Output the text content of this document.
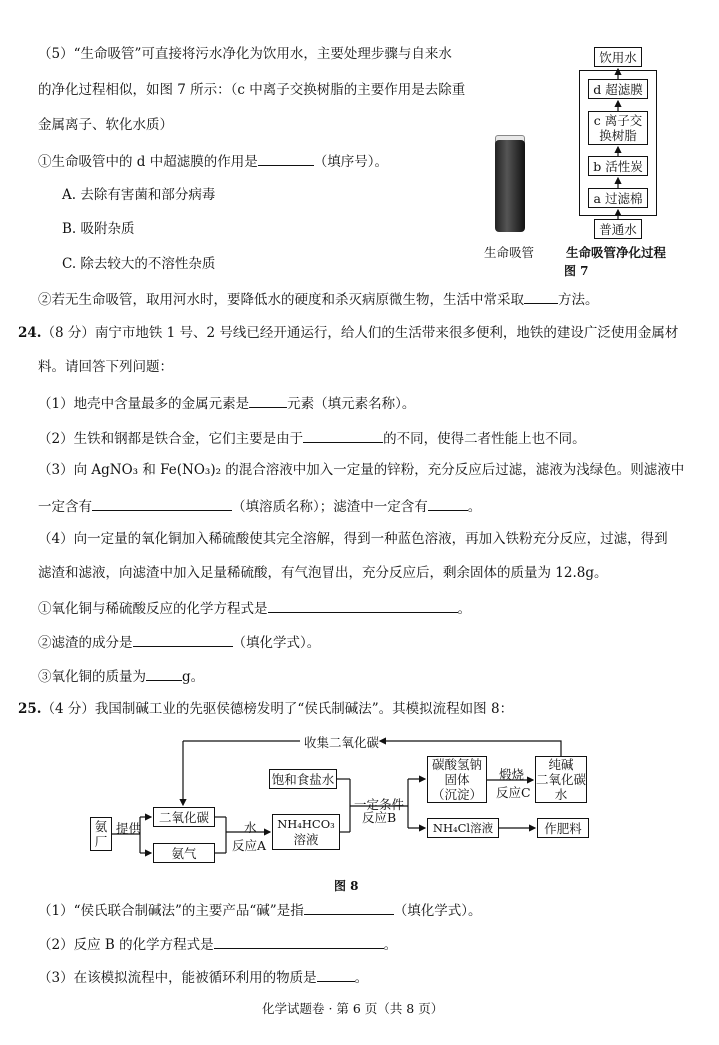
（5）“生命吸管”可直接将污水净化为饮用水，主要处理步骤与自来水
的净化过程相似，如图 7 所示：（c 中离子交换树脂的主要作用是去除重
金属离子、软化水质）
①生命吸管中的 d 中超滤膜的作用是	（填序号）。
A. 去除有害菌和部分病毒
B. 吸附杂质
C. 除去较大的不溶性杂质
②若无生命吸管，取用河水时，要降低水的硬度和杀灭病原微生物，生活中常采取	方法。
生命吸管
饮用水
d 超滤膜
c 离子交
换树脂
b 活性炭
a 过滤棉
普通水
生命吸管净化过程
图 7
24.（8 分）南宁市地铁 1 号、2 号线已经开通运行，给人们的生活带来很多便利，地铁的建设广泛使用金属材
料。请回答下列问题：
（1）地壳中含量最多的金属元素是	元素（填元素名称）。
（2）生铁和钢都是铁合金，它们主要是由于	的不同，使得二者性能上也不同。
（3）向 AgNO₃ 和 Fe(NO₃)₂ 的混合溶液中加入一定量的锌粉，充分反应后过滤，滤液为浅绿色。则滤液中
一定含有	（填溶质名称）；滤渣中一定含有	。
（4）向一定量的氧化铜加入稀硫酸使其完全溶解，得到一种蓝色溶液，再加入铁粉充分反应，过滤，得到
滤渣和滤液，向滤渣中加入足量稀硫酸，有气泡冒出，充分反应后，剩余固体的质量为 12.8g。
①氧化铜与稀硫酸反应的化学方程式是	。
②滤渣的成分是	（填化学式）。
③氧化铜的质量为	g。
25.（4 分）我国制碱工业的先驱侯德榜发明了“侯氏制碱法”。其模拟流程如图 8：
收集二氧化碳
饱和食盐水
碳酸氢钠
固体
（沉淀）
煅烧
反应C
纯碱
二氧化碳
水
氨
厂
提供
二氧化碳
氨气
水
反应A
NH₄HCO₃
溶液
一定条件
反应B
NH₄Cl溶液	作肥料
图 8
（1）“侯氏联合制碱法”的主要产品“碱”是指	（填化学式）。
（2）反应 B 的化学方程式是	。
（3）在该模拟流程中，能被循环利用的物质是	。
化学试题卷 · 第 6 页（共 8 页）
